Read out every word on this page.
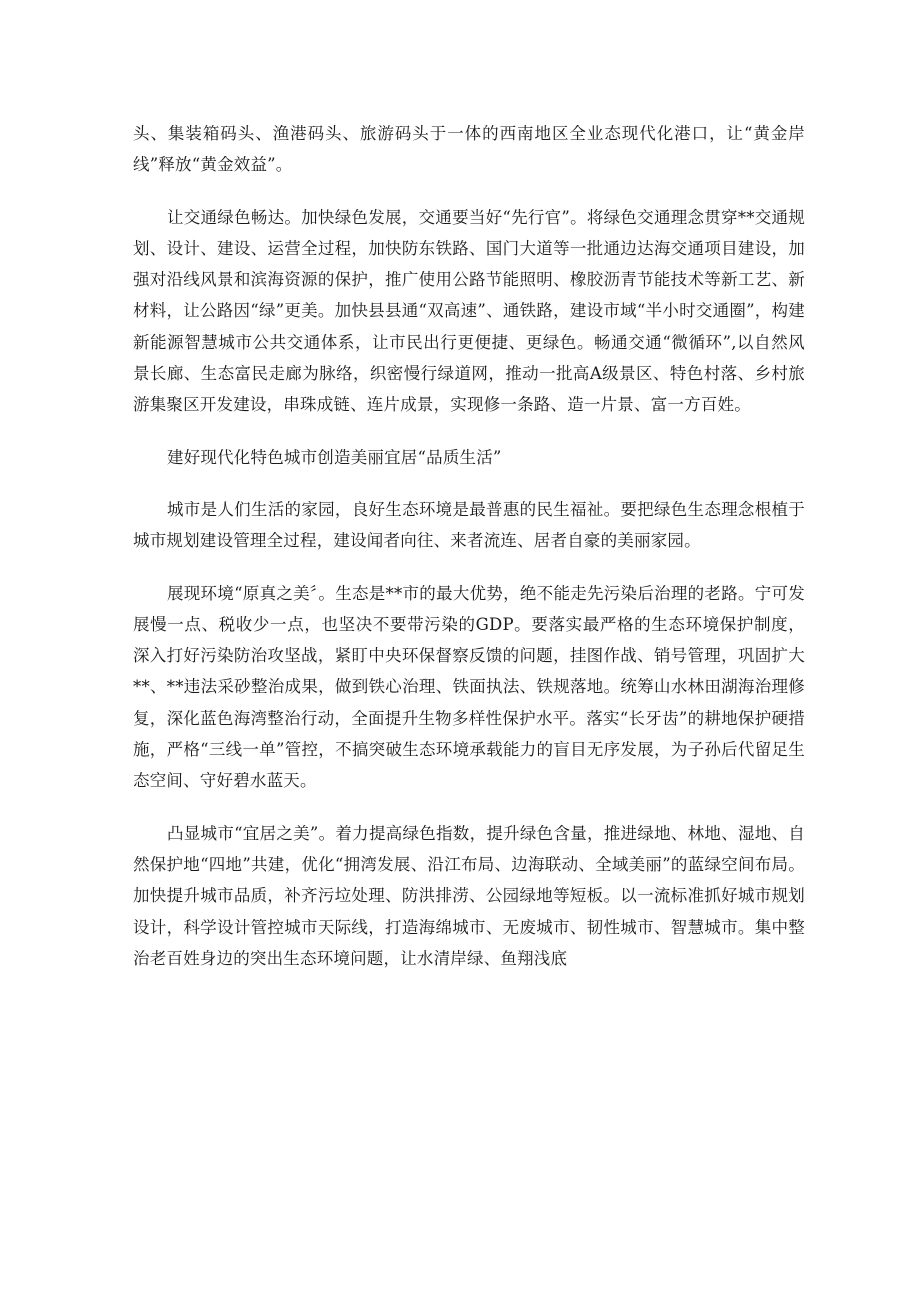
头、集装箱码头、渔港码头、旅游码头于一体的西南地区全业态现代化港口，让“黄金岸线”释放“黄金效益”。

让交通绿色畅达。加快绿色发展，交通要当好“先行官”。将绿色交通理念贯穿**交通规划、设计、建设、运营全过程，加快防东铁路、国门大道等一批通边达海交通项目建设，加强对沿线风景和滨海资源的保护，推广使用公路节能照明、橡胶沥青节能技术等新工艺、新材料，让公路因“绿”更美。加快县县通“双高速”、通铁路，建设市域“半小时交通圈”，构建新能源智慧城市公共交通体系，让市民出行更便捷、更绿色。畅通交通“微循环”,以自然风景长廊、生态富民走廊为脉络，织密慢行绿道网，推动一批高A级景区、特色村落、乡村旅游集聚区开发建设，串珠成链、连片成景，实现修一条路、造一片景、富一方百姓。

建好现代化特色城市创造美丽宜居“品质生活”

城市是人们生活的家园，良好生态环境是最普惠的民生福祉。要把绿色生态理念根植于城市规划建设管理全过程，建设闻者向往、来者流连、居者自豪的美丽家园。

展现环境“原真之美〞。生态是**市的最大优势，绝不能走先污染后治理的老路。宁可发展慢一点、税收少一点，也坚决不要带污染的GDP。要落实最严格的生态环境保护制度，深入打好污染防治攻坚战，紧盯中央环保督察反馈的问题，挂图作战、销号管理，巩固扩大**、**违法采砂整治成果，做到铁心治理、铁面执法、铁规落地。统筹山水林田湖海治理修复，深化蓝色海湾整治行动，全面提升生物多样性保护水平。落实“长牙齿”的耕地保护硬措施，严格“三线一单”管控，不搞突破生态环境承载能力的盲目无序发展，为子孙后代留足生态空间、守好碧水蓝天。

凸显城市“宜居之美”。着力提高绿色指数，提升绿色含量，推进绿地、林地、湿地、自然保护地“四地”共建，优化“拥湾发展、沿江布局、边海联动、全域美丽”的蓝绿空间布局。加快提升城市品质，补齐污垃处理、防洪排涝、公园绿地等短板。以一流标准抓好城市规划设计，科学设计管控城市天际线，打造海绵城市、无废城市、韧性城市、智慧城市。集中整治老百姓身边的突出生态环境问题，让水清岸绿、鱼翔浅底
